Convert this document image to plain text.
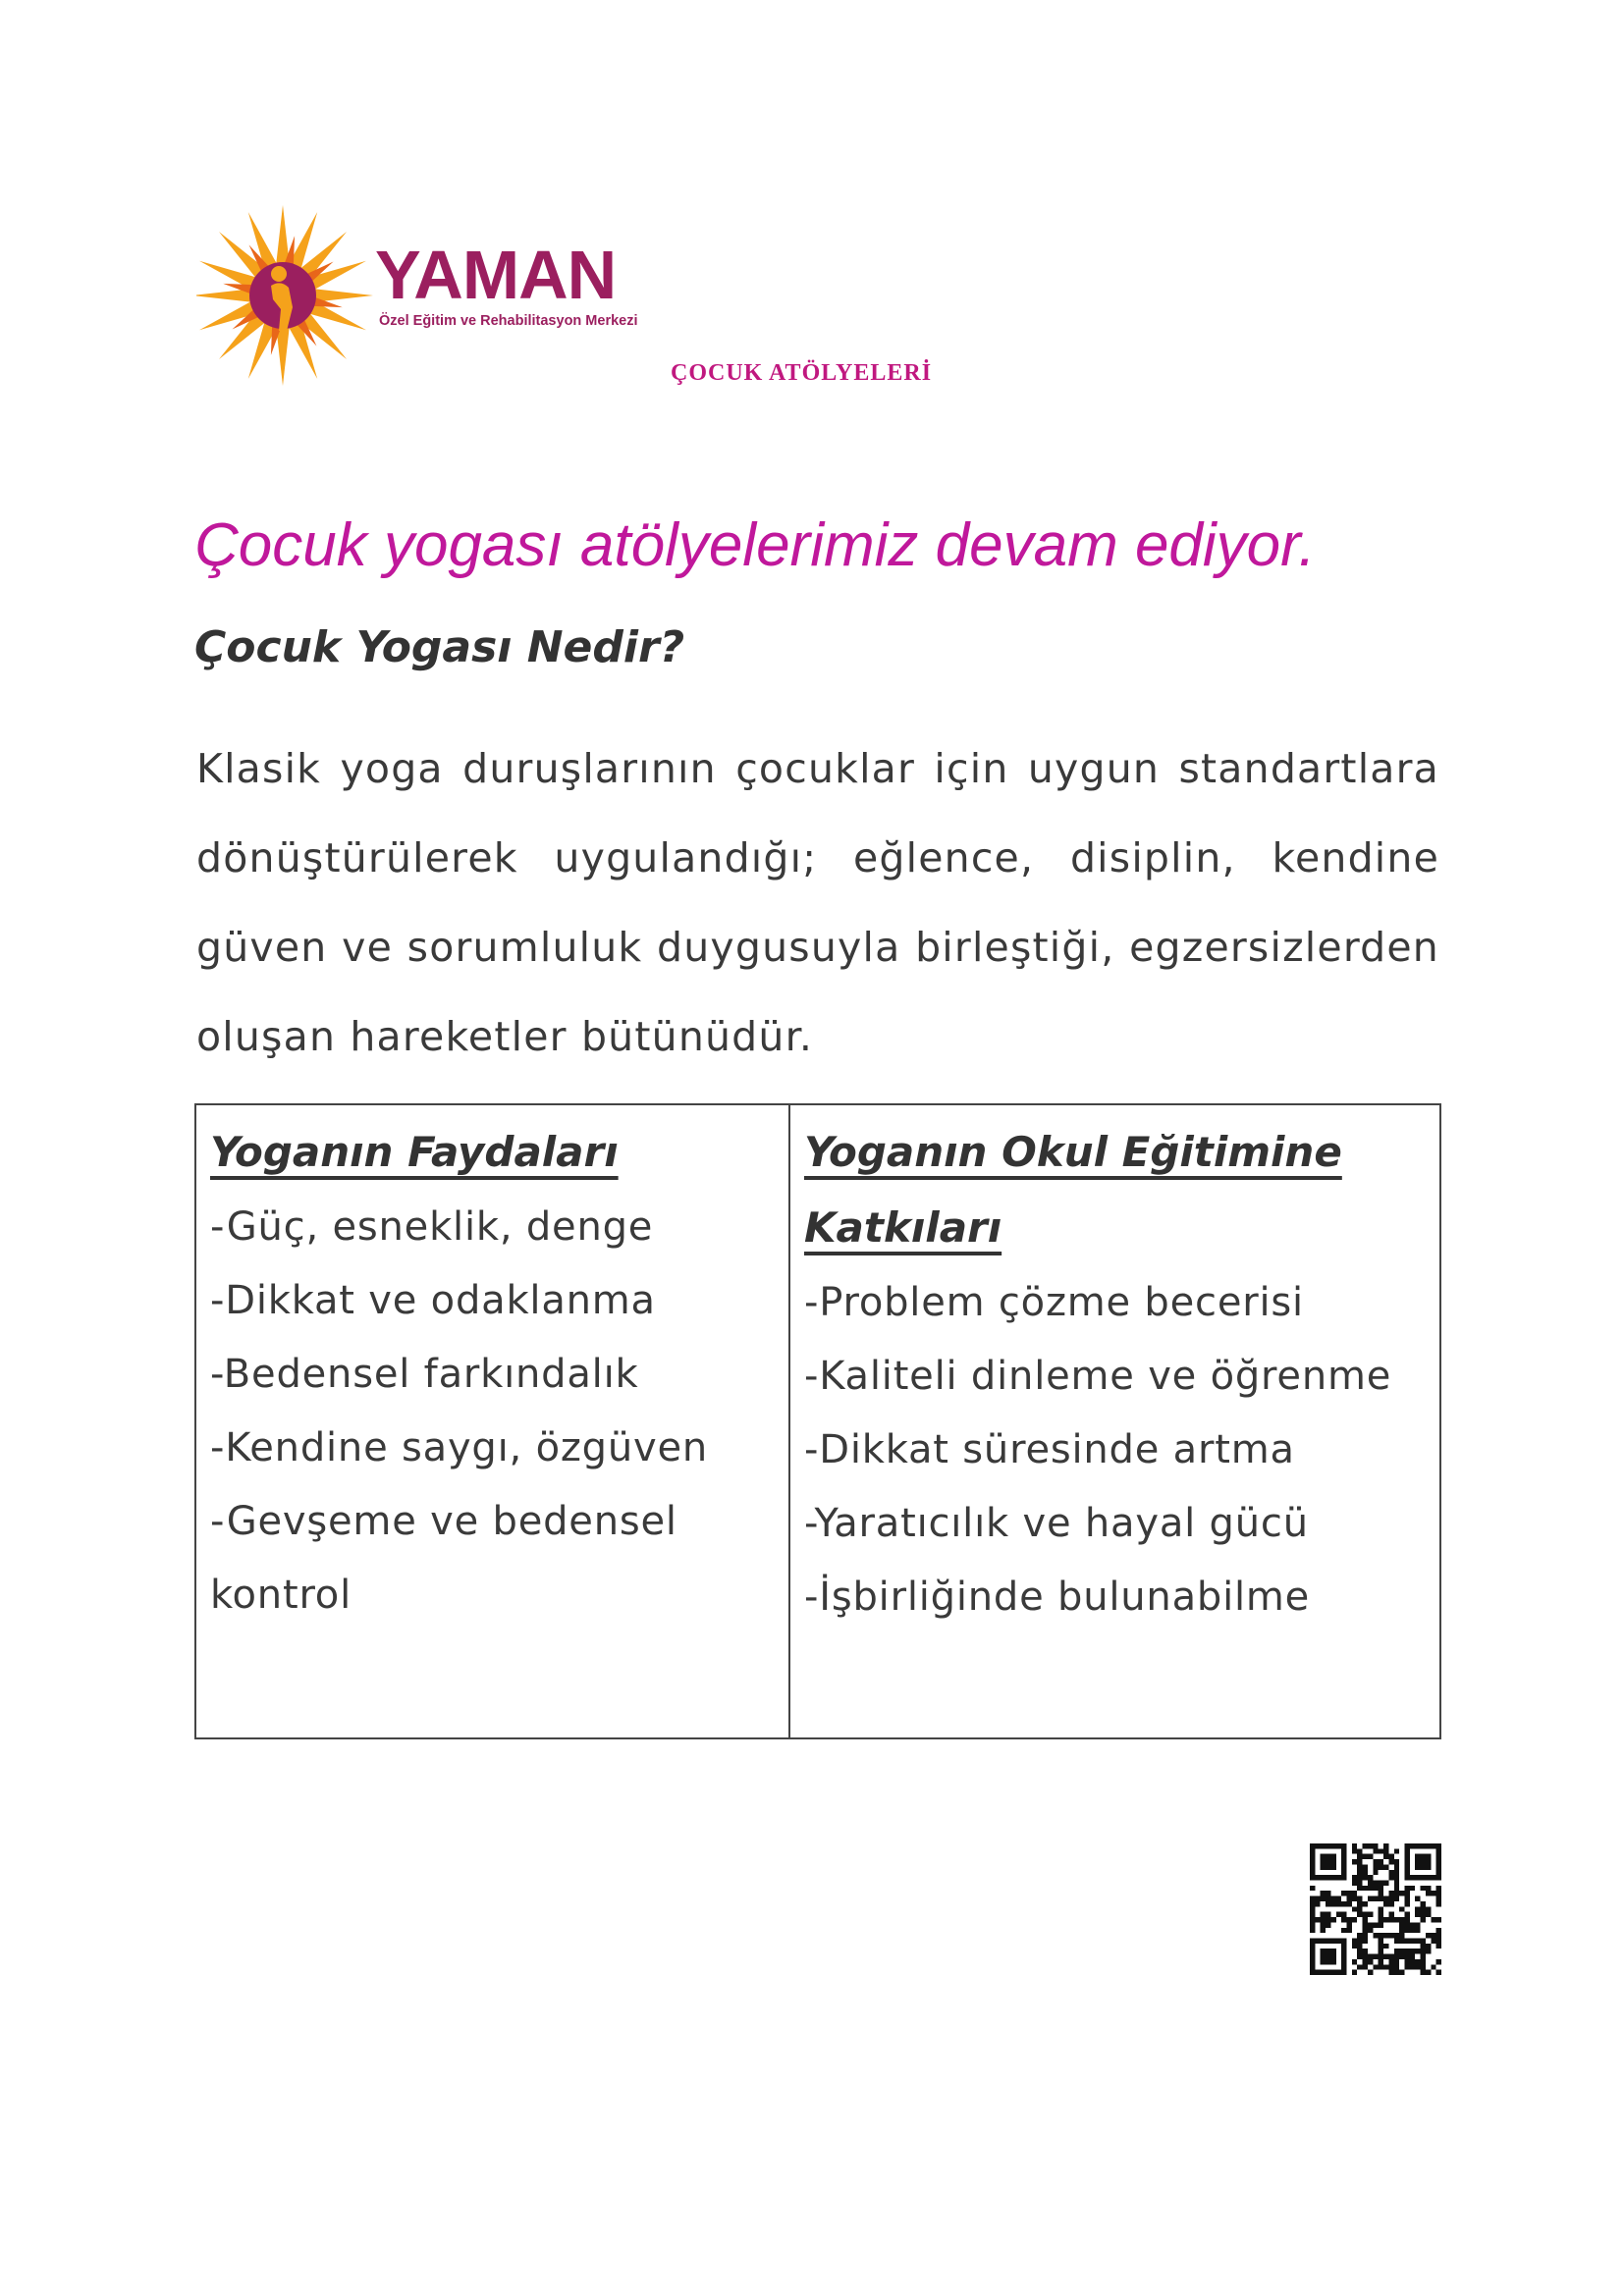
YAMAN
Özel Eğitim ve Rehabilitasyon Merkezi
ÇOCUK ATÖLYELERİ
Çocuk yogası atölyelerimiz devam ediyor.
Çocuk Yogası Nedir?

Klasik yoga duruşlarının çocuklar için uygun standartlara dönüştürülerek uygulandığı; eğlence, disiplin, kendine güven ve sorumluluk duygusuyla birleştiği, egzersizlerden oluşan hareketler bütünüdür.

Yoganın Faydaları
-Güç, esneklik, denge
-Dikkat ve odaklanma
-Bedensel farkındalık
-Kendine saygı, özgüven
-Gevşeme ve bedensel kontrol
	Yoganın Okul Eğitimine Katkıları
-Problem çözme becerisi
-Kaliteli dinleme ve öğrenme
-Dikkat süresinde artma
-Yaratıcılık ve hayal gücü
-İşbirliğinde bulunabilme
